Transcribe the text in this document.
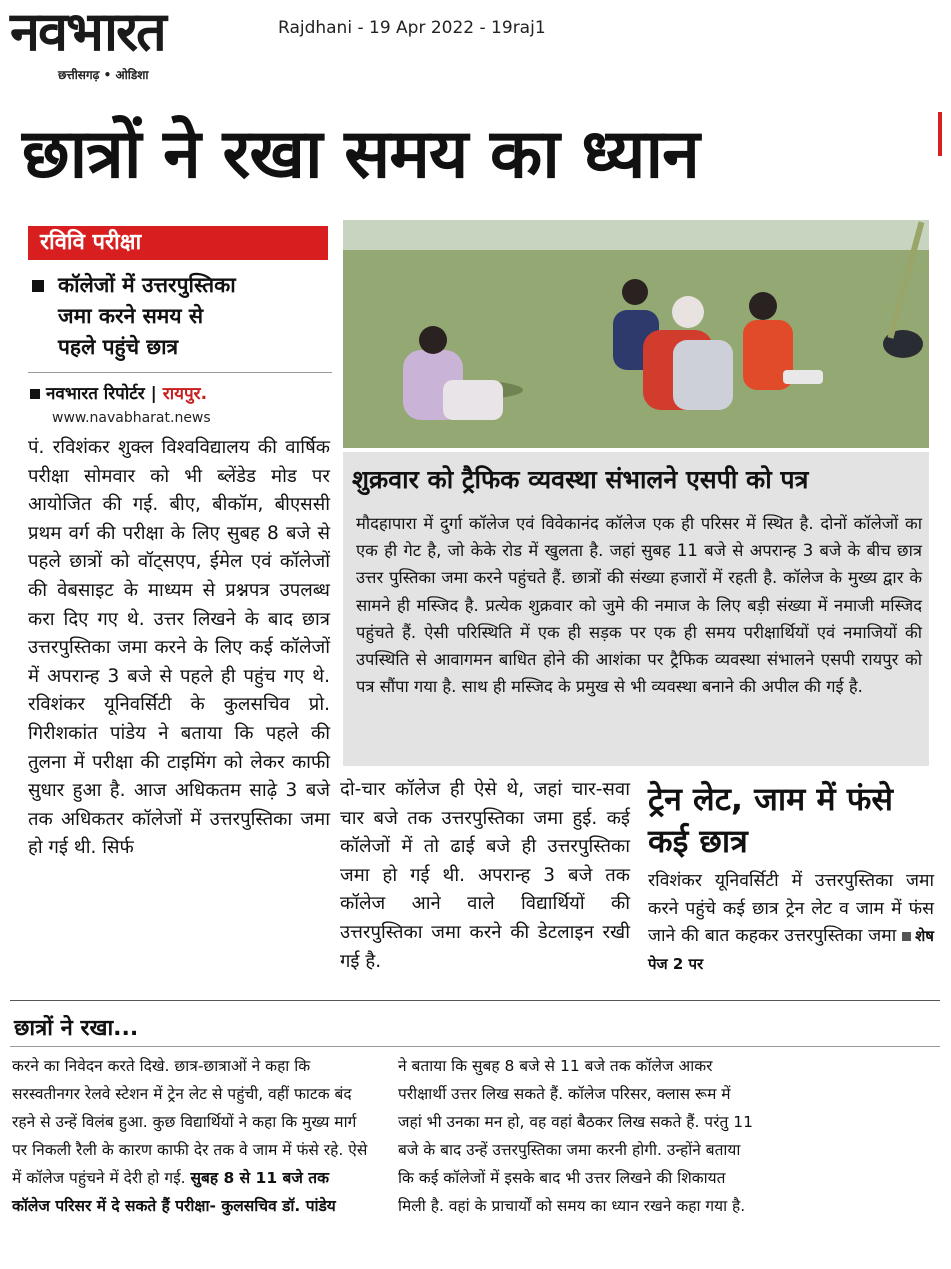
नवभारत
छत्तीसगढ़ • ओडिशा
Rajdhani - 19 Apr 2022 - 19raj1
छात्रों ने रखा समय का ध्यान
रविवि परीक्षा
कॉलेजों में उत्तरपुस्तिका
जमा करने समय से
पहले पहुंचे छात्र
नवभारत रिपोर्टर | रायपुर.
www.navabharat.news
पं. रविशंकर शुक्ल विश्वविद्यालय की वार्षिक परीक्षा सोमवार को भी ब्लेंडेड मोड पर आयोजित की गई. बीए, बीकॉम, बीएससी प्रथम वर्ग की परीक्षा के लिए सुबह 8 बजे से पहले छात्रों को वॉट्सएप, ईमेल एवं कॉलेजों की वेबसाइट के माध्यम से प्रश्नपत्र उपलब्ध करा दिए गए थे. उत्तर लिखने के बाद छात्र उत्तरपुस्तिका जमा करने के लिए कई कॉलेजों में अपरान्ह 3 बजे से पहले ही पहुंच गए थे. रविशंकर यूनिवर्सिटी के कुलसचिव प्रो. गिरीशकांत पांडेय ने बताया कि पहले की तुलना में परीक्षा की टाइमिंग को लेकर काफी सुधार हुआ है. आज अधिकतम साढ़े 3 बजे तक अधिकतर कॉलेजों में उत्तरपुस्तिका जमा हो गई थी. सिर्फ
शुक्रवार को ट्रैफिक व्यवस्था संभालने एसपी को पत्र
मौदहापारा में दुर्गा कॉलेज एवं विवेकानंद कॉलेज एक ही परिसर में स्थित है. दोनों कॉलेजों का एक ही गेट है, जो केके रोड में खुलता है. जहां सुबह 11 बजे से अपरान्ह 3 बजे के बीच छात्र उत्तर पुस्तिका जमा करने पहुंचते हैं. छात्रों की संख्या हजारों में रहती है. कॉलेज के मुख्य द्वार के सामने ही मस्जिद है. प्रत्येक शुक्रवार को जुमे की नमाज के लिए बड़ी संख्या में नमाजी मस्जिद पहुंचते हैं. ऐसी परिस्थिति में एक ही सड़क पर एक ही समय परीक्षार्थियों एवं नमाजियों की उपस्थिति से आवागमन बाधित होने की आशंका पर ट्रैफिक व्यवस्था संभालने एसपी रायपुर को पत्र सौंपा गया है. साथ ही मस्जिद के प्रमुख से भी व्यवस्था बनाने की अपील की गई है.
दो-चार कॉलेज ही ऐसे थे, जहां चार-सवा चार बजे तक उत्तरपुस्तिका जमा हुई. कई कॉलेजों में तो ढाई बजे ही उत्तरपुस्तिका जमा हो गई थी. अपरान्ह 3 बजे तक कॉलेज आने वाले विद्यार्थियों की उत्तरपुस्तिका जमा करने की डेटलाइन रखी गई है.
ट्रेन लेट, जाम में फंसे कई छात्र
रविशंकर यूनिवर्सिटी में उत्तरपुस्तिका जमा करने पहुंचे कई छात्र ट्रेन लेट व जाम में फंस जाने की बात कहकर उत्तरपुस्तिका जमा शेष पेज 2 पर
छात्रों ने रखा...
करने का निवेदन करते दिखे. छात्र-छात्राओं ने कहा कि सरस्वतीनगर रेलवे स्टेशन में ट्रेन लेट से पहुंची, वहीं फाटक बंद रहने से उन्हें विलंब हुआ. कुछ विद्यार्थियों ने कहा कि मुख्य मार्ग पर निकली रैली के कारण काफी देर तक वे जाम में फंसे रहे. ऐसे में कॉलेज पहुंचने में देरी हो गई. सुबह 8 से 11 बजे तक कॉलेज परिसर में दे सकते हैं परीक्षा- कुलसचिव डॉ. पांडेय
ने बताया कि सुबह 8 बजे से 11 बजे तक कॉलेज आकर परीक्षार्थी उत्तर लिख सकते हैं. कॉलेज परिसर, क्लास रूम में जहां भी उनका मन हो, वह वहां बैठकर लिख सकते हैं. परंतु 11 बजे के बाद उन्हें उत्तरपुस्तिका जमा करनी होगी. उन्होंने बताया कि कई कॉलेजों में इसके बाद भी उत्तर लिखने की शिकायत मिली है. वहां के प्राचार्यों को समय का ध्यान रखने कहा गया है.
